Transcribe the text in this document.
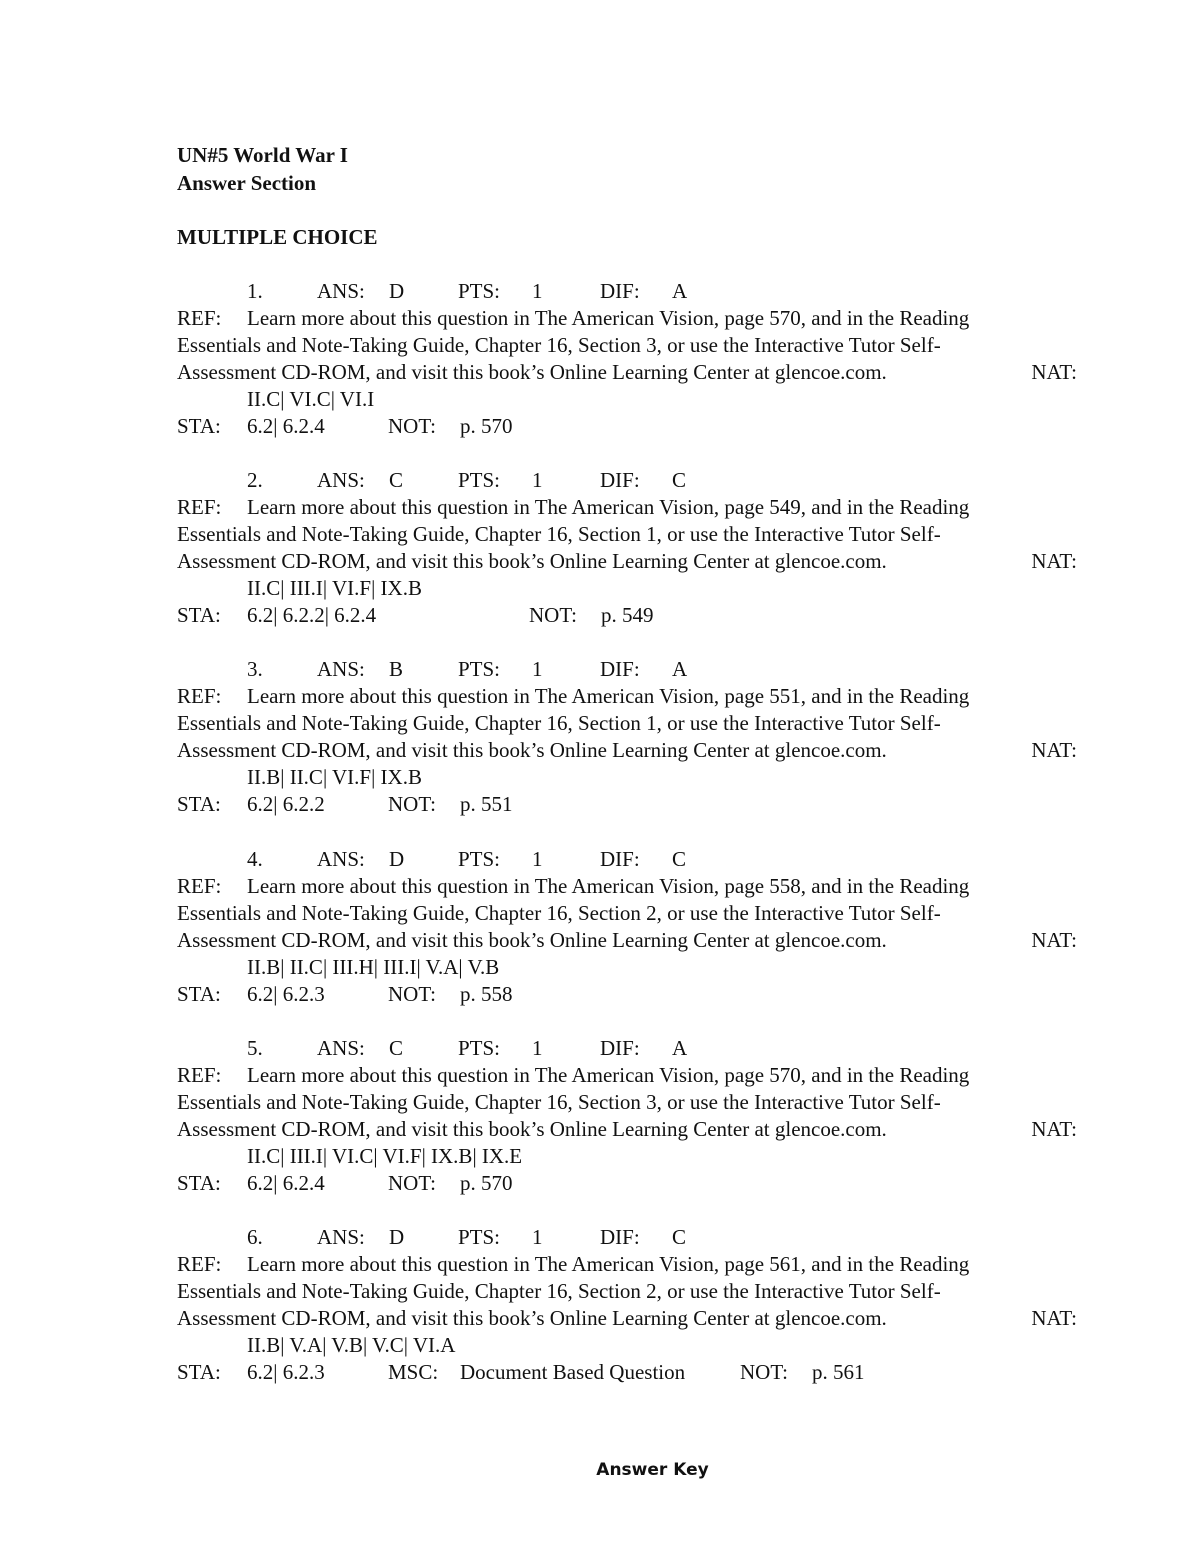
UN#5 World War I
Answer Section
MULTIPLE CHOICE
1.	ANS: D	PTS: 1	DIF: A
REF: Learn more about this question in The American Vision, page 570, and in the Reading
Essentials and Note-Taking Guide, Chapter 16, Section 3, or use the Interactive Tutor Self-
Assessment CD-ROM, and visit this book’s Online Learning Center at glencoe.com.	NAT:
II.C| VI.C| VI.I
STA: 6.2| 6.2.4	NOT: p. 570
2.	ANS: C	PTS: 1	DIF: C
REF: Learn more about this question in The American Vision, page 549, and in the Reading
Essentials and Note-Taking Guide, Chapter 16, Section 1, or use the Interactive Tutor Self-
Assessment CD-ROM, and visit this book’s Online Learning Center at glencoe.com.	NAT:
II.C| III.I| VI.F| IX.B
STA: 6.2| 6.2.2| 6.2.4	NOT: p. 549
3.	ANS: B	PTS: 1	DIF: A
REF: Learn more about this question in The American Vision, page 551, and in the Reading
Essentials and Note-Taking Guide, Chapter 16, Section 1, or use the Interactive Tutor Self-
Assessment CD-ROM, and visit this book’s Online Learning Center at glencoe.com.	NAT:
II.B| II.C| VI.F| IX.B
STA: 6.2| 6.2.2	NOT: p. 551
4.	ANS: D	PTS: 1	DIF: C
REF: Learn more about this question in The American Vision, page 558, and in the Reading
Essentials and Note-Taking Guide, Chapter 16, Section 2, or use the Interactive Tutor Self-
Assessment CD-ROM, and visit this book’s Online Learning Center at glencoe.com.	NAT:
II.B| II.C| III.H| III.I| V.A| V.B
STA: 6.2| 6.2.3	NOT: p. 558
5.	ANS: C	PTS: 1	DIF: A
REF: Learn more about this question in The American Vision, page 570, and in the Reading
Essentials and Note-Taking Guide, Chapter 16, Section 3, or use the Interactive Tutor Self-
Assessment CD-ROM, and visit this book’s Online Learning Center at glencoe.com.	NAT:
II.C| III.I| VI.C| VI.F| IX.B| IX.E
STA: 6.2| 6.2.4	NOT: p. 570
6.	ANS: D	PTS: 1	DIF: C
REF: Learn more about this question in The American Vision, page 561, and in the Reading
Essentials and Note-Taking Guide, Chapter 16, Section 2, or use the Interactive Tutor Self-
Assessment CD-ROM, and visit this book’s Online Learning Center at glencoe.com.	NAT:
II.B| V.A| V.B| V.C| VI.A
STA: 6.2| 6.2.3	MSC: Document Based Question	NOT: p. 561
Answer Key
